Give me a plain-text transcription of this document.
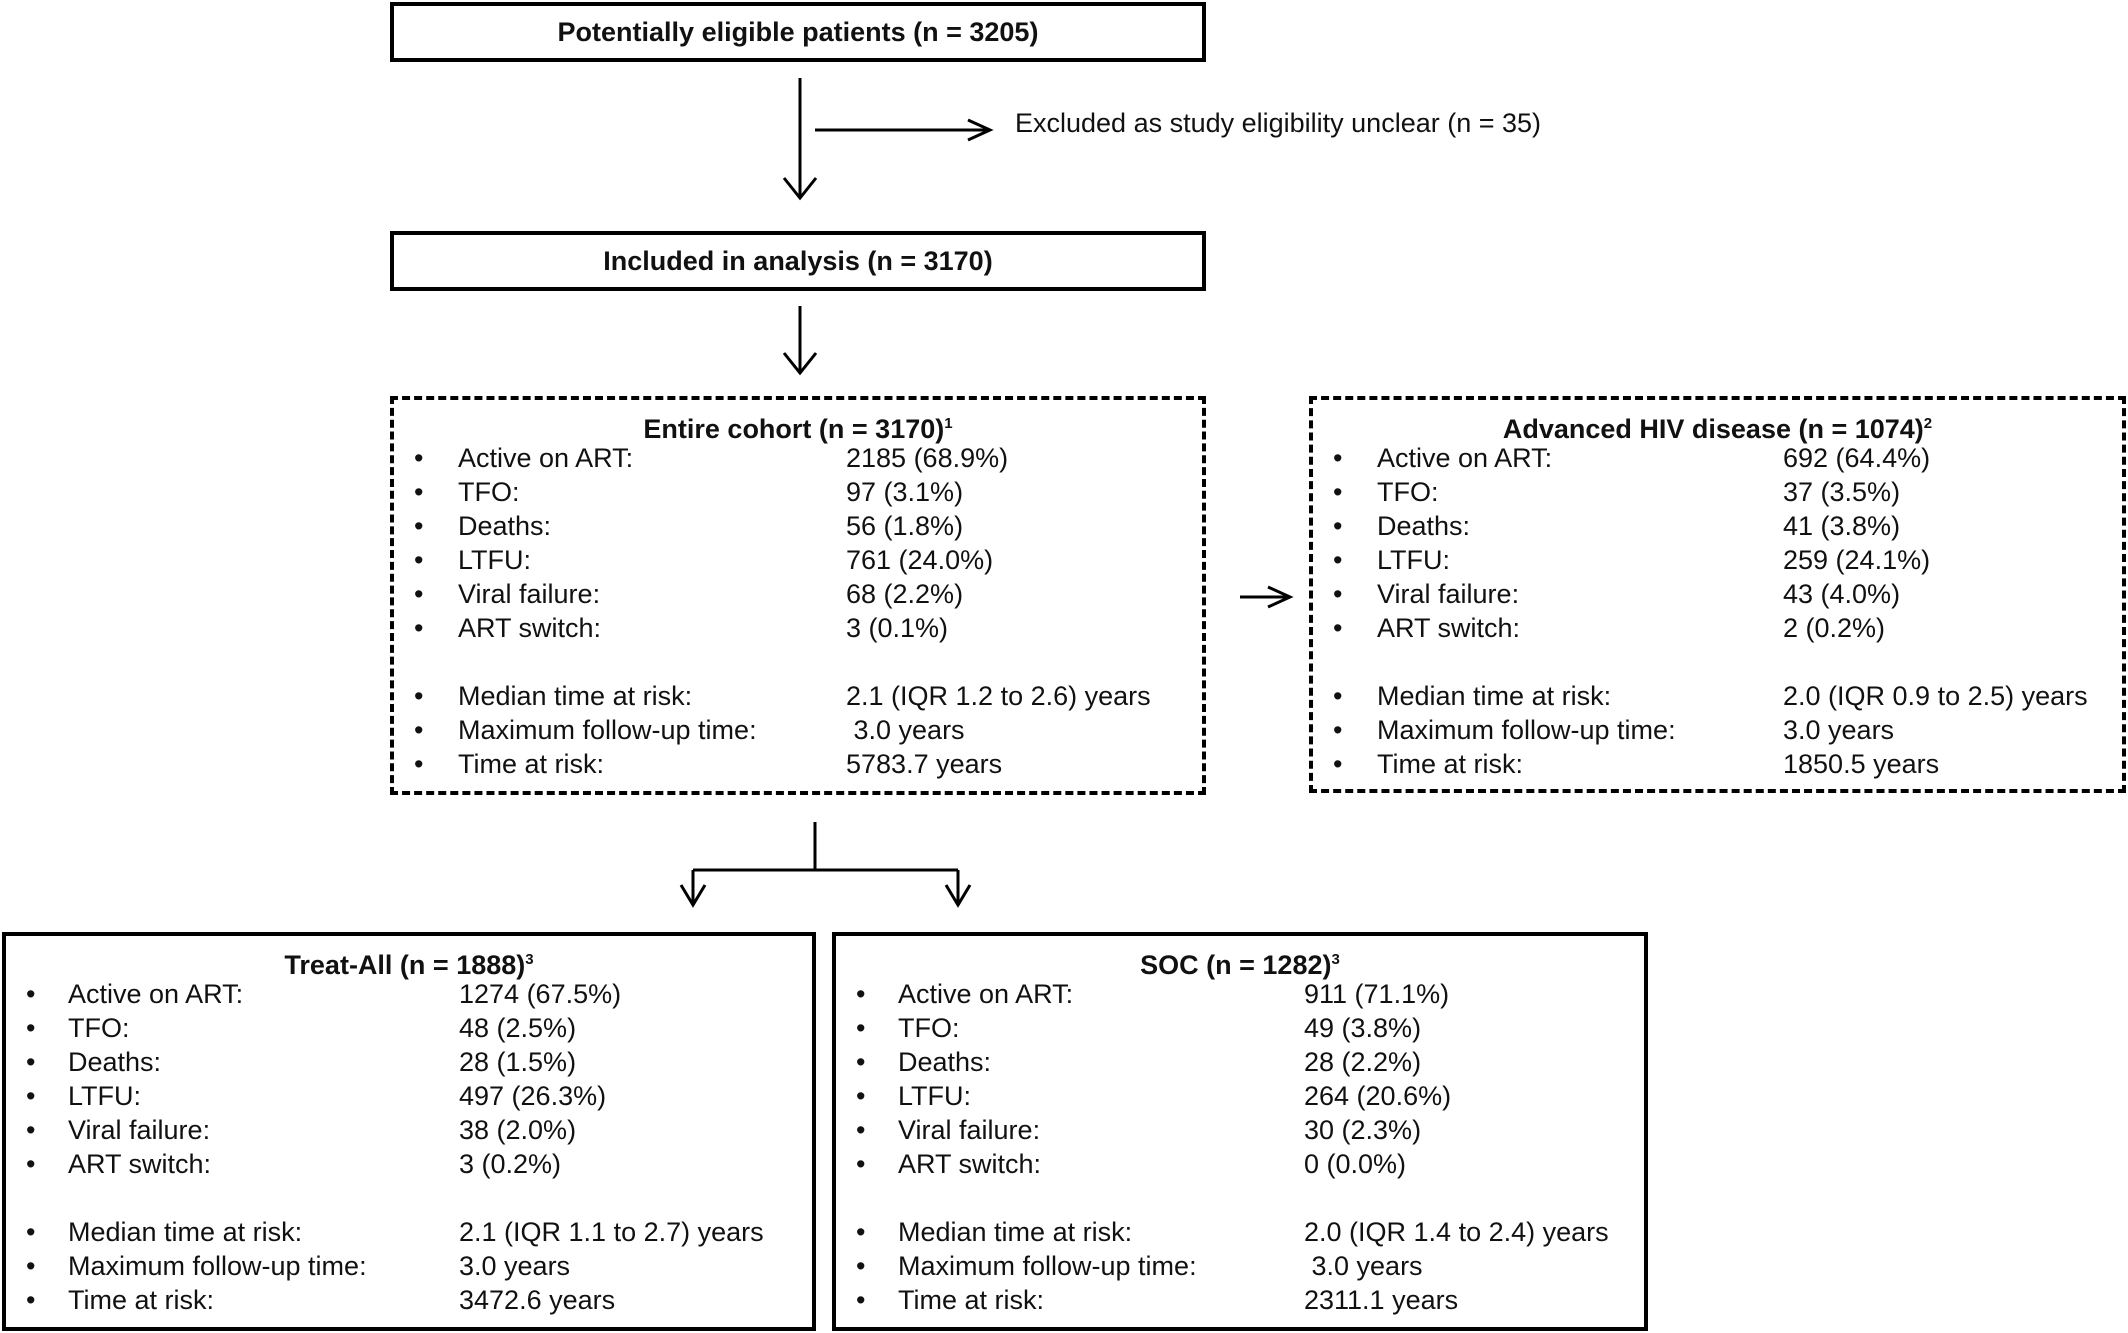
Potentially eligible patients (n = 3205)
Excluded as study eligibility unclear (n = 35)
Included in analysis (n = 3170)
Entire cohort (n = 3170)$^1$
• Active on ART:	2185 (68.9%)
• TFO:	97 (3.1%)
• Deaths:	56 (1.8%)
• LTFU:	761 (24.0%)
• Viral failure:	68 (2.2%)
• ART switch:	3 (0.1%)
• Median time at risk:	2.1 (IQR 1.2 to 2.6) years
• Maximum follow-up time:	3.0 years
• Time at risk:	5783.7 years
Advanced HIV disease (n = 1074)$^2$
• Active on ART:	692 (64.4%)
• TFO:	37 (3.5%)
• Deaths:	41 (3.8%)
• LTFU:	259 (24.1%)
• Viral failure:	43 (4.0%)
• ART switch:	2 (0.2%)
• Median time at risk:	2.0 (IQR 0.9 to 2.5) years
• Maximum follow-up time:	3.0 years
• Time at risk:	1850.5 years
Treat-All (n = 1888)$^3$
• Active on ART:	1274 (67.5%)
• TFO:	48 (2.5%)
• Deaths:	28 (1.5%)
• LTFU:	497 (26.3%)
• Viral failure:	38 (2.0%)
• ART switch:	3 (0.2%)
• Median time at risk:	2.1 (IQR 1.1 to 2.7) years
• Maximum follow-up time:	3.0 years
• Time at risk:	3472.6 years
SOC (n = 1282)$^3$
• Active on ART:	911 (71.1%)
• TFO:	49 (3.8%)
• Deaths:	28 (2.2%)
• LTFU:	264 (20.6%)
• Viral failure:	30 (2.3%)
• ART switch:	0 (0.0%)
• Median time at risk:	2.0 (IQR 1.4 to 2.4) years
• Maximum follow-up time:	3.0 years
• Time at risk:	2311.1 years
